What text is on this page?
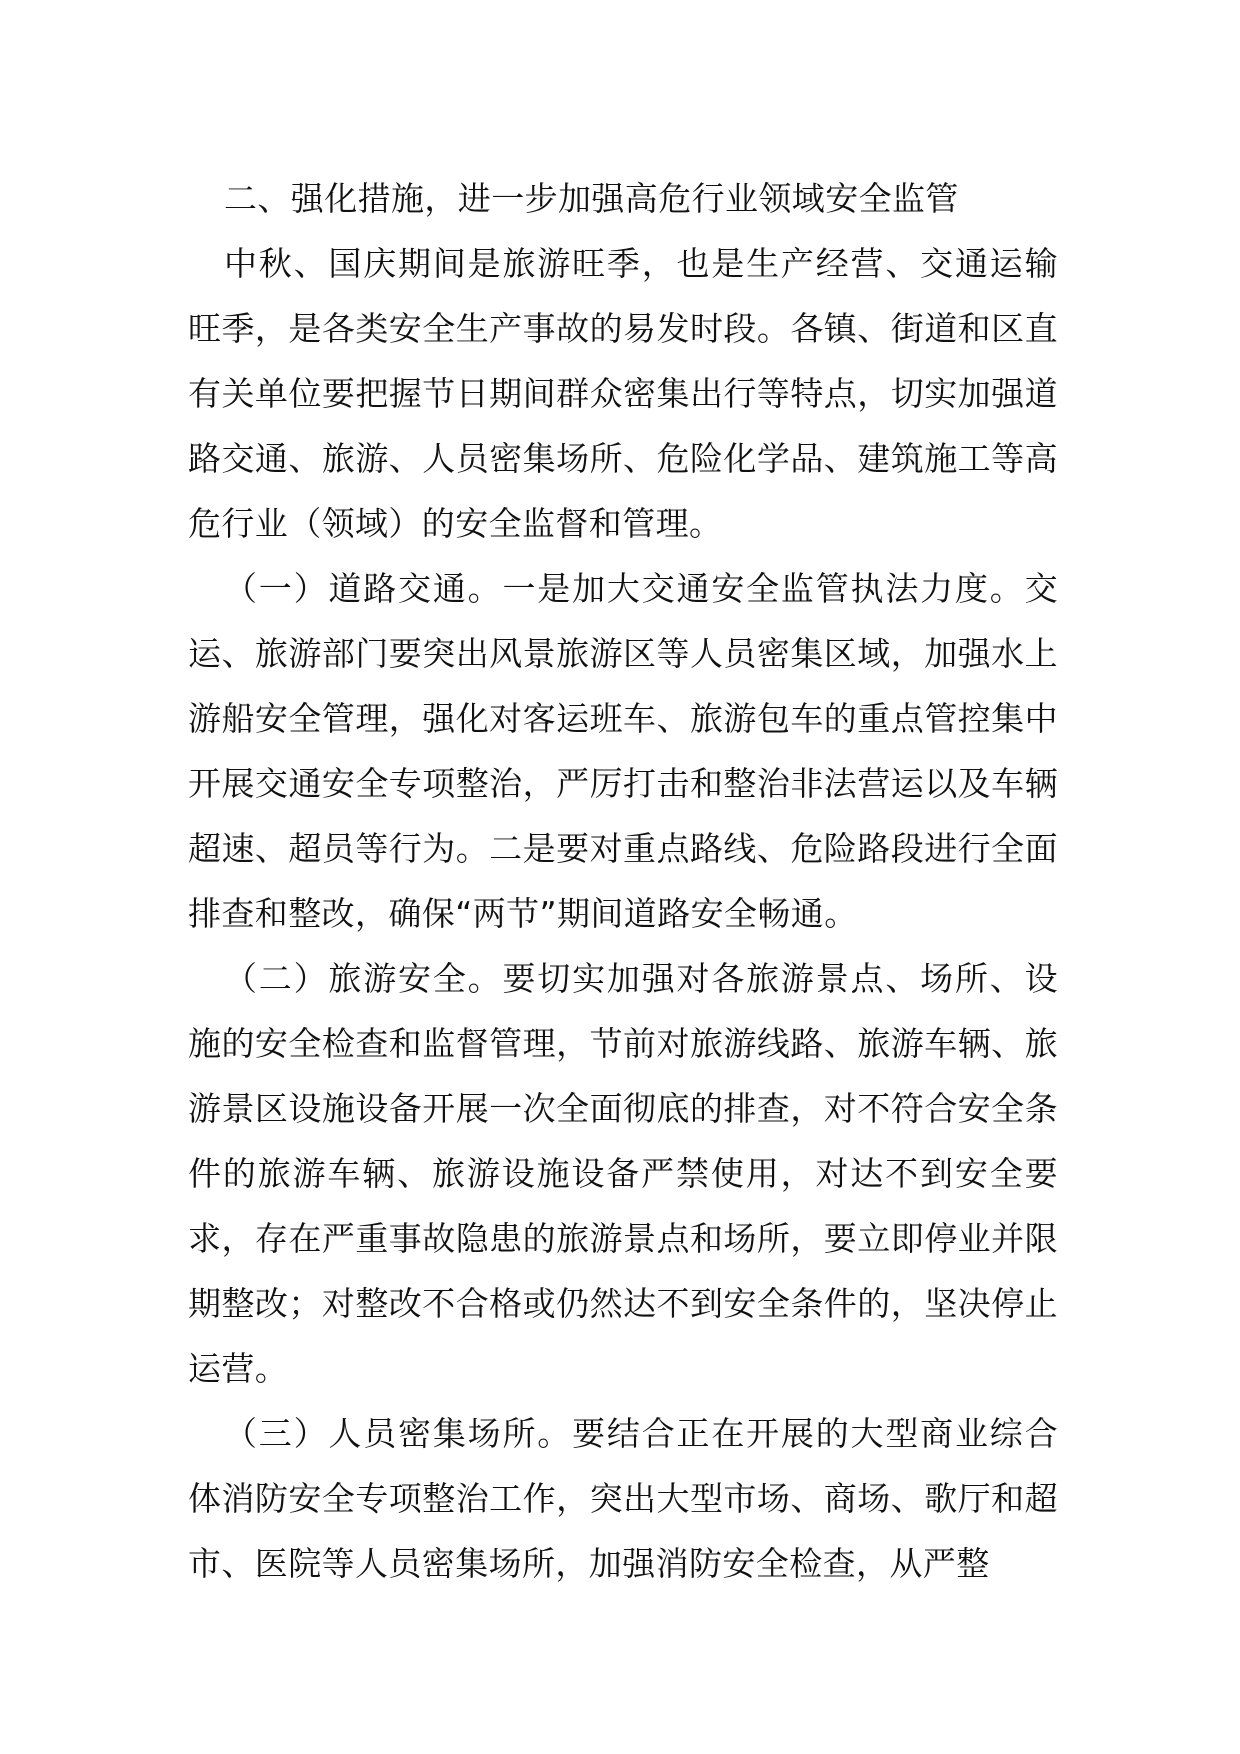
二、强化措施，进一步加强高危行业领域安全监管

中秋、国庆期间是旅游旺季，也是生产经营、交通运输旺季，是各类安全生产事故的易发时段。各镇、街道和区直有关单位要把握节日期间群众密集出行等特点，切实加强道路交通、旅游、人员密集场所、危险化学品、建筑施工等高危行业（领域）的安全监督和管理。

（一）道路交通。一是加大交通安全监管执法力度。交运、旅游部门要突出风景旅游区等人员密集区域，加强水上游船安全管理，强化对客运班车、旅游包车的重点管控集中开展交通安全专项整治，严厉打击和整治非法营运以及车辆超速、超员等行为。二是要对重点路线、危险路段进行全面排查和整改，确保“两节”期间道路安全畅通。

（二）旅游安全。要切实加强对各旅游景点、场所、设施的安全检查和监督管理，节前对旅游线路、旅游车辆、旅游景区设施设备开展一次全面彻底的排查，对不符合安全条件的旅游车辆、旅游设施设备严禁使用，对达不到安全要求，存在严重事故隐患的旅游景点和场所，要立即停业并限期整改；对整改不合格或仍然达不到安全条件的，坚决停止运营。

（三）人员密集场所。要结合正在开展的大型商业综合体消防安全专项整治工作，突出大型市场、商场、歌厅和超市、医院等人员密集场所，加强消防安全检查，从严整
